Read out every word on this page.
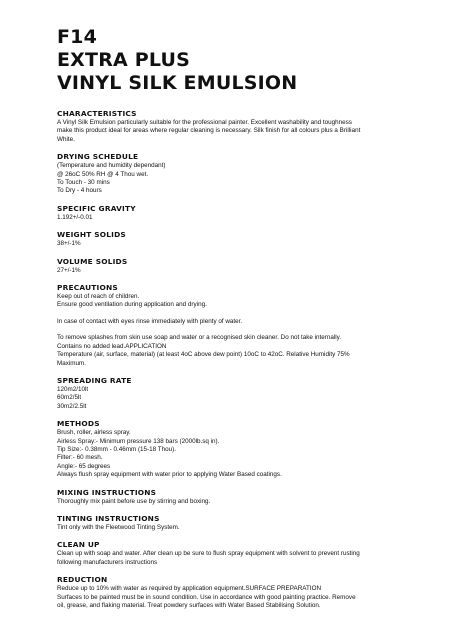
F14
EXTRA PLUS
VINYL SILK EMULSION
CHARACTERISTICS
A Vinyl Silk Emulsion particularly suitable for the professional painter. Excellent washability and toughness
make this product ideal for areas where regular cleaning is necessary. Silk finish for all colours plus a Brilliant
White.
DRYING SCHEDULE
(Temperature and humidity dependant)
@ 26oC 50% RH @ 4 Thou wet.
To Touch - 30 mins
To Dry - 4 hours
SPECIFIC GRAVITY
1.192+/-0.01
WEIGHT SOLIDS
38+/-1%
VOLUME SOLIDS
27+/-1%
PRECAUTIONS
Keep out of reach of children.
Ensure good ventilation during application and drying.
In case of contact with eyes rinse immediately with plenty of water.
To remove splashes from skin use soap and water or a recognised skin cleaner. Do not take internally.
Contains no added lead.APPLICATION
Temperature (air, surface, material) (at least 4oC above dew point) 10oC to 42oC. Relative Humidity 75%
Maximum.
SPREADING RATE
120m2/10lt
60m2/5lt
30m2/2.5lt
METHODS
Brush, roller, airless spray.
Airless Spray:- Minimum pressure 138 bars (2000lb.sq in).
Tip Size:- 0.38mm - 0.46mm (15-18 Thou).
Filter:- 60 mesh.
Angle:- 65 degrees
Always flush spray equipment with water prior to applying Water Based coatings.
MIXING INSTRUCTIONS
Thoroughly mix paint before use by stirring and boxing.
TINTING INSTRUCTIONS
Tint only with the Fleetwood Tinting System.
CLEAN UP
Clean up with soap and water. After clean up be sure to flush spray equipment with solvent to prevent rusting
following manufacturers instructions
REDUCTION
Reduce up to 10% with water as required by application equipment.SURFACE PREPARATION
Surfaces to be painted must be in sound condition. Use in accordance with good painting practice. Remove
oil, grease, and flaking material. Treat powdery surfaces with Water Based Stabilising Solution.
